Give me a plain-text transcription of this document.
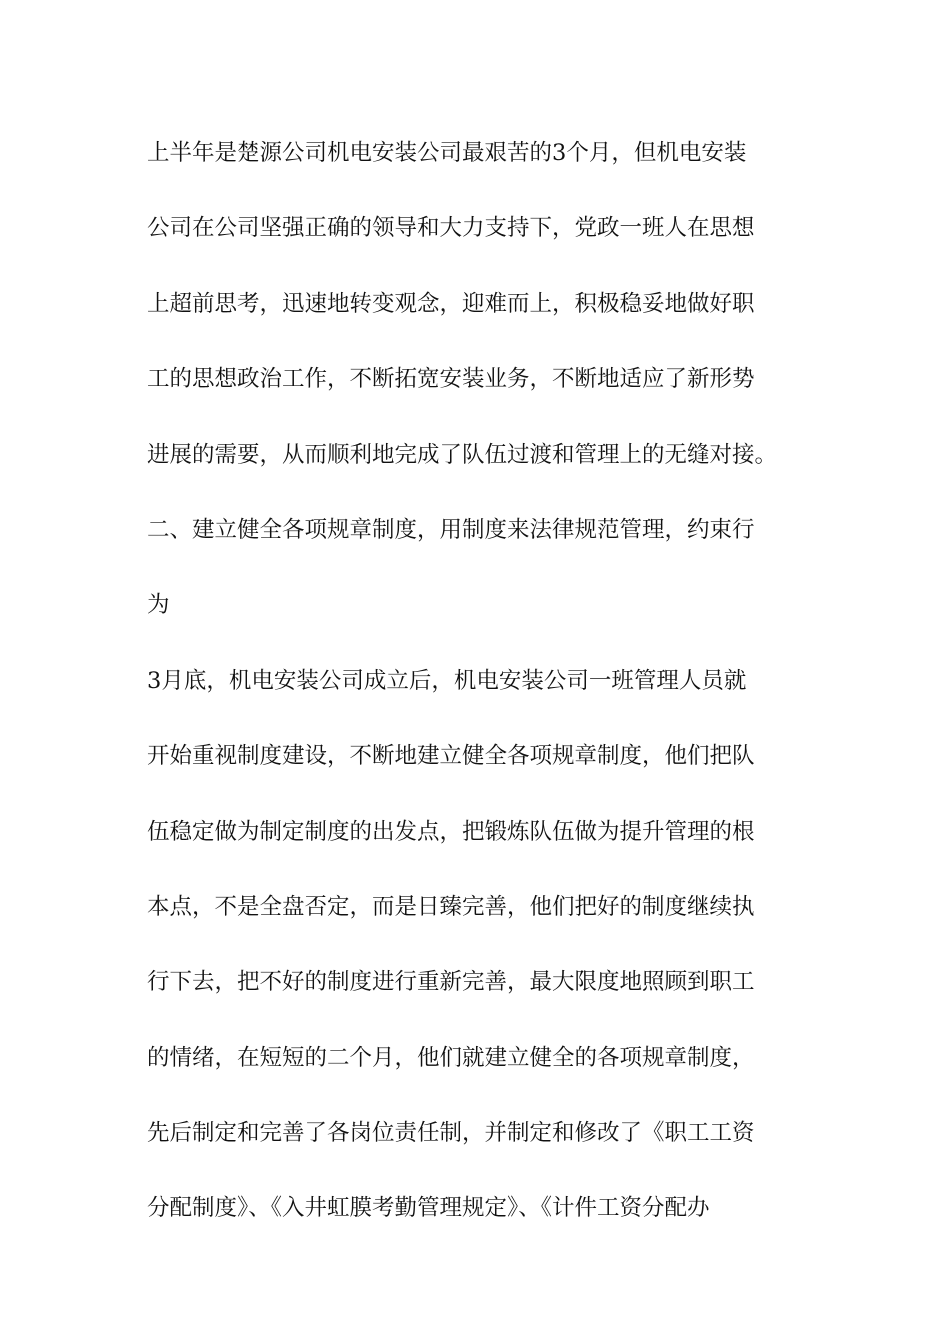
上半年是楚源公司机电安装公司最艰苦的3个月，但机电安装
公司在公司坚强正确的领导和大力支持下，党政一班人在思想
上超前思考，迅速地转变观念，迎难而上，积极稳妥地做好职
工的思想政治工作，不断拓宽安装业务，不断地适应了新形势
进展的需要，从而顺利地完成了队伍过渡和管理上的无缝对接。
二、建立健全各项规章制度，用制度来法律规范管理，约束行
为
3月底，机电安装公司成立后，机电安装公司一班管理人员就
开始重视制度建设，不断地建立健全各项规章制度，他们把队
伍稳定做为制定制度的出发点，把锻炼队伍做为提升管理的根
本点，不是全盘否定，而是日臻完善，他们把好的制度继续执
行下去，把不好的制度进行重新完善，最大限度地照顾到职工
的情绪，在短短的二个月，他们就建立健全的各项规章制度，
先后制定和完善了各岗位责任制，并制定和修改了《职工工资
分配制度》、《入井虹膜考勤管理规定》、《计件工资分配办
